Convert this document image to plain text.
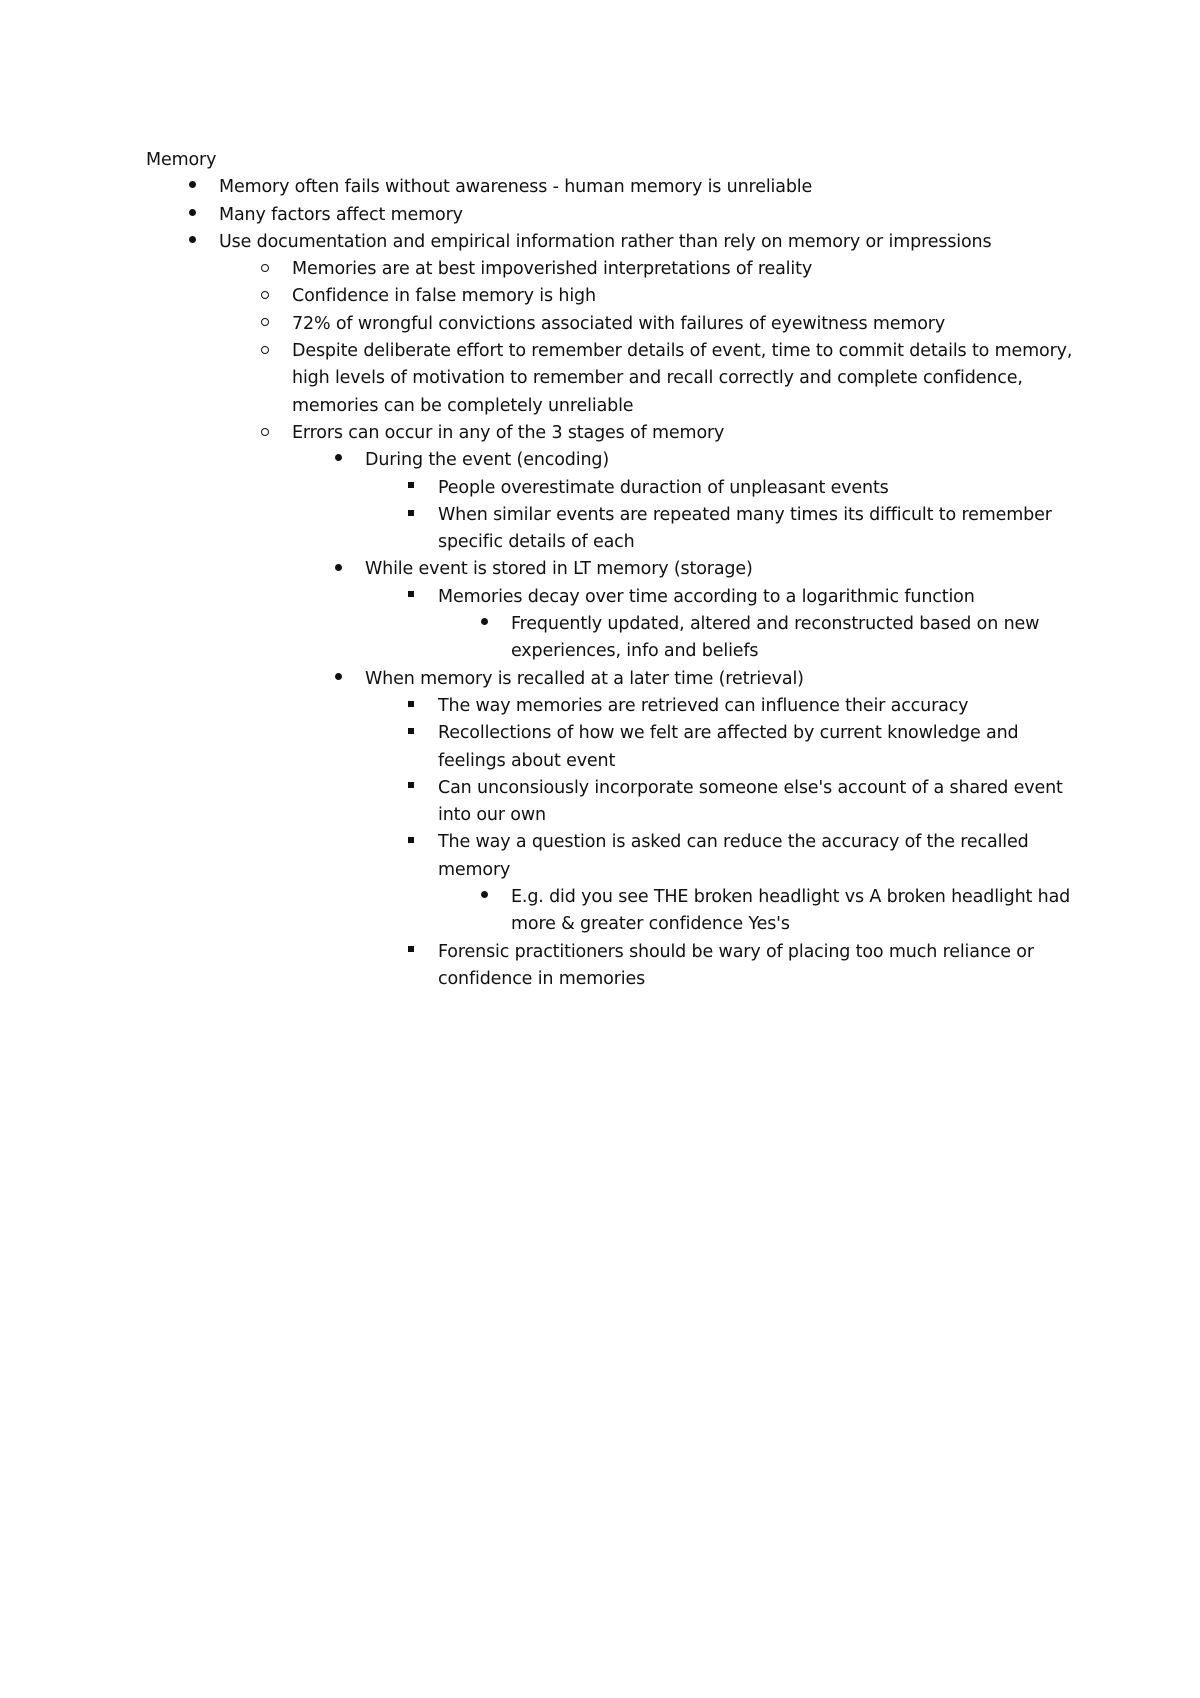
Memory
Memory often fails without awareness - human memory is unreliable
Many factors affect memory
Use documentation and empirical information rather than rely on memory or impressions
Memories are at best impoverished interpretations of reality
Confidence in false memory is high
72% of wrongful convictions associated with failures of eyewitness memory
Despite deliberate effort to remember details of event, time to commit details to memory, high levels of motivation to remember and recall correctly and complete confidence, memories can be completely unreliable
Errors can occur in any of the 3 stages of memory
During the event (encoding)
People overestimate duraction of unpleasant events
When similar events are repeated many times its difficult to remember specific details of each
While event is stored in LT memory (storage)
Memories decay over time according to a logarithmic function
Frequently updated, altered and reconstructed based on new experiences, info and beliefs
When memory is recalled at a later time (retrieval)
The way memories are retrieved can influence their accuracy
Recollections of how we felt are affected by current knowledge and feelings about event
Can unconsiously incorporate someone else's account of a shared event into our own
The way a question is asked can reduce the accuracy of the recalled memory
E.g. did you see THE broken headlight vs A broken headlight had more & greater confidence Yes's
Forensic practitioners should be wary of placing too much reliance or confidence in memories
